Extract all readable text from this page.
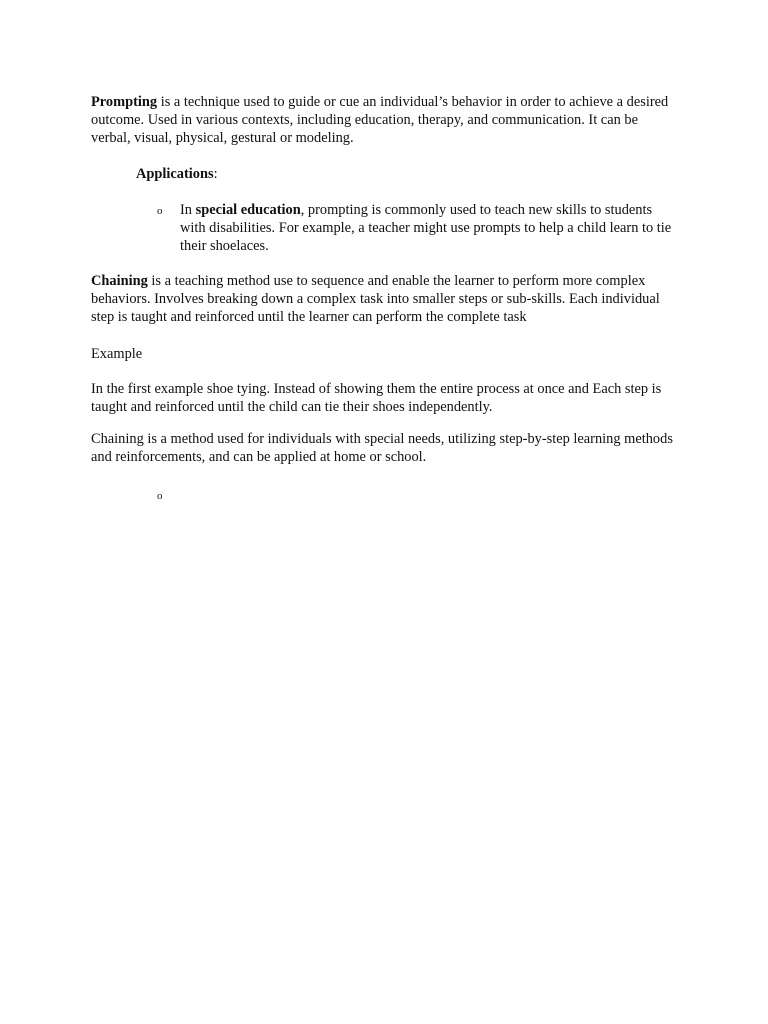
Prompting is a technique used to guide or cue an individual’s behavior in order to achieve a desired outcome. Used in various contexts, including education, therapy, and communication. It can be verbal, visual, physical, gestural or modeling.

Applications:

o In special education, prompting is commonly used to teach new skills to students with disabilities. For example, a teacher might use prompts to help a child learn to tie their shoelaces.

Chaining is a teaching method use to sequence and enable the learner to perform more complex behaviors. Involves breaking down a complex task into smaller steps or sub-skills. Each individual step is taught and reinforced until the learner can perform the complete task

Example

In the first example shoe tying. Instead of showing them the entire process at once and Each step is taught and reinforced until the child can tie their shoes independently.

Chaining is a method used for individuals with special needs, utilizing step-by-step learning methods and reinforcements, and can be applied at home or school.

o
